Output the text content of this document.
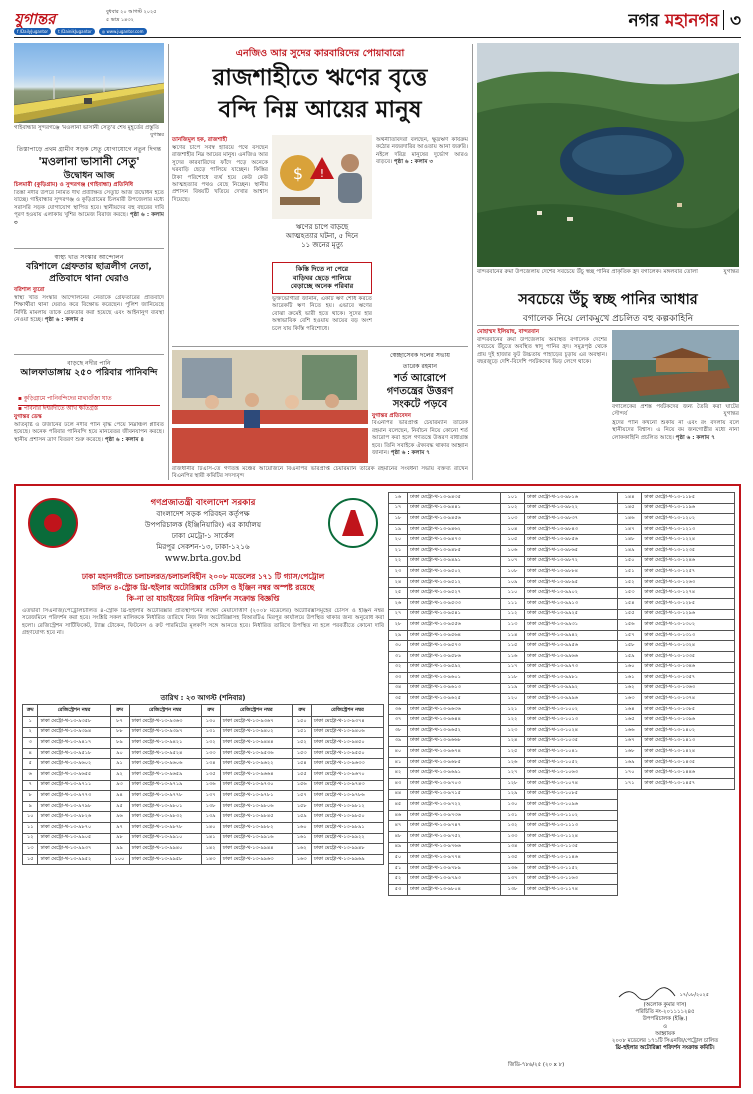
যুগান্তর	বুধবার ২০ আগস্ট ২০২৫
৫ ভাদ্র ১৪৩২
f /DailyJugantor	t /DainikJugantor	◎ www.jugantor.com
নগর মহানগর ৩
গাইবান্ধার সুন্দরগঞ্জে 'মওলানা ভাসানী সেতু'র শেষ মুহূর্তের প্রস্তুতি
যুগান্তর
তিস্তাপাড়ে প্রথম গ্রামীণ সড়ক সেতু যোগাযোগে নতুন দিগন্ত
'মওলানা ভাসানী সেতু'
উদ্বোধন আজ
চিলমারী (কুড়িগ্রাম) ও সুন্দরগঞ্জ (গাইবান্ধা) প্রতিনিধি
তিস্তা নদীর উপরে নির্মিত দীর্ঘ প্রতীক্ষিত সেতুটি আজ উদ্বোধন হতে যাচ্ছে। গাইবান্ধার সুন্দরগঞ্জ ও কুড়িগ্রামের চিলমারী উপজেলার মধ্যে সরাসরি সড়ক যোগাযোগ স্থাপিত হবে। স্থানীয়দের বহু বছরের দাবি পূরণ হওয়ায় এলাকায় খুশির আমেজ বিরাজ করছে। পৃষ্ঠা ৬ : কলাম ৩
স্বাস্থ্য খাত সংস্কার আন্দোলন
বরিশালে গ্রেফতার ছাত্রলীগ নেতা, প্রতিবাদে থানা ঘেরাও
বরিশাল ব্যুরো
স্বাস্থ্য খাত সংস্কার আন্দোলনের নেতাকে গ্রেফতারের প্রতিবাদে শিক্ষার্থীরা থানা ঘেরাও করে বিক্ষোভ করেছেন। পুলিশ জানিয়েছে নির্দিষ্ট মামলায় তাকে গ্রেফতার করা হয়েছে এবং আইনানুগ ব্যবস্থা নেওয়া হচ্ছে। পৃষ্ঠা ৬ : কলাম ৫
বাড়ছে নদীর পানি
আলফাডাঙ্গায় ২৫০ পরিবার পানিবন্দি
▪ কুড়িগ্রামে পানিবন্দিদের মাথাগুঁজা ঘাত
▪ পাবনার ঈশ্বরদীতে আখ ক্ষতিগ্রস্ত
যুগান্তর ডেস্ক
অতিবৃষ্টি ও উজানের ঢলে নদীর পানি বৃদ্ধি পেয়ে নিম্নাঞ্চল প্লাবিত হয়েছে। অনেক পরিবার পানিবন্দি হয়ে মানবেতর জীবনযাপন করছে। স্থানীয় প্রশাসন ত্রাণ বিতরণ শুরু করেছে। পৃষ্ঠা ৬ : কলাম ৪
এনজিও আর সুদের কারবারিদের পোয়াবারো
রাজশাহীতে ঋণের বৃত্তে
বন্দি নিম্ন আয়ের মানুষ
তানজিমুল হক, রাজশাহী
ঋণের চাপে সর্বস্ব হারিয়ে পথে বসছেন রাজশাহীর নিম্ন আয়ের মানুষ। এনজিও আর সুদের কারবারিদের ফাঁদে পড়ে অনেকে ঘরবাড়ি ছেড়ে পালিয়ে যাচ্ছেন। কিস্তির টাকা পরিশোধে ব্যর্থ হয়ে কেউ কেউ আত্মহত্যার পথও বেছে নিচ্ছেন। স্থানীয় প্রশাসন বিষয়টি খতিয়ে দেখার আশ্বাস দিয়েছে।
$ !
ঋণের চাপে বাড়ছে
আত্মহত্যার ঘটনা, ৫ দিনে
১১ জনের মৃত্যু
কিস্তি দিতে না পেরে
বাড়িঘর ছেড়ে পালিয়ে
বেড়াচ্ছে অনেক পরিবার
ভুক্তভোগীরা জানান, একটি ঋণ শোধ করতে আরেকটি ঋণ নিতে হয়। এভাবে ঋণের বোঝা ক্রমেই ভারী হতে থাকে। সুদের হার অস্বাভাবিক বেশি হওয়ায় আয়ের বড় অংশ চলে যায় কিস্তি পরিশোধে।
অর্থনীতিবিদরা বলছেন, ক্ষুদ্রঋণ কার্যক্রম কঠোর নজরদারির আওতায় আনা জরুরি। নইলে দরিদ্র মানুষের দুর্ভোগ আরও বাড়বে। পৃষ্ঠা ৬ : কলাম ৩
রাজধানীর টিএসি-তে গণতন্ত্র মঞ্চের আয়োজনে বিএনপির ভারপ্রাপ্ত চেয়ারম্যান তারেক রহমানের সংবর্ধনা সভায় বক্তব্য রাখেন বিএনপির স্থায়ী কমিটির সদস্যবৃন্দ
স্বেচ্ছাসেবক দলের সভায়
তারেক রহমান
শর্ত আরোপে
গণতন্ত্রের উত্তরণ
সংকটে পড়বে
যুগান্তর প্রতিবেদন
বিএনপির ভারপ্রাপ্ত চেয়ারম্যান তারেক রহমান বলেছেন, নির্বাচন নিয়ে কোনো শর্ত আরোপ করা হলে গণতন্ত্রে উত্তরণ বাধাগ্রস্ত হবে। তিনি সবাইকে ঐক্যবদ্ধ থাকার আহ্বান জানান। পৃষ্ঠা ৬ : কলাম ৭
বান্দরবানের রুমা উপজেলায় দেশের সবচেয়ে উঁচু স্বচ্ছ পানির প্রাকৃতিক হ্রদ বগালেক। মঙ্গলবার তোলা	যুগান্তর
সবচেয়ে উঁচু স্বচ্ছ পানির আধার
বগালেক নিয়ে লোকমুখে প্রচলিত বহু কল্পকাহিনি
মোহাম্মদ ইলিয়াছ, বান্দরবান
বান্দরবানের রুমা উপজেলায় অবস্থিত বগালেক দেশের সবচেয়ে উঁচুতে অবস্থিত স্বাদু পানির হ্রদ। সমুদ্রপৃষ্ঠ থেকে প্রায় দুই হাজার ফুট উচ্চতায় পাহাড়ের চূড়ায় এর অবস্থান। বছরজুড়ে দেশি-বিদেশি পর্যটকদের ভিড় লেগে থাকে।
বগালেকের প্রশস্ত পর্যটকদের জন্য তৈরি করা ঘাটের সৌন্দর্য	যুগান্তর
হ্রদের পানি কখনো শুকায় না এবং রং বদলায় বলে স্থানীয়দের বিশ্বাস। এ নিয়ে বম জনগোষ্ঠীর মধ্যে নানা লোককাহিনি প্রচলিত আছে। পৃষ্ঠা ৬ : কলাম ৭
গণপ্রজাতন্ত্রী বাংলাদেশ সরকার
বাংলাদেশ সড়ক পরিবহন কর্তৃপক্ষ
উপপরিচালক (ইঞ্জিনিয়ারিং) এর কার্যালয়
ঢাকা মেট্রো-১ সার্কেল
মিরপুর সেকশন-১৩, ঢাকা-১২১৬
www.brta.gov.bd
ঢাকা মহানগরীতে চলাচলরত/চলাচলবিহীন ২০০৮ মডেলের ১৭১ টি গ্যাস/পেট্রোল
চালিত ৪-স্ট্রোক থ্রি-হুইলার অটোরিক্সার চেসিস ও ইঞ্জিন নম্বর অস্পষ্ট রয়েছে
কি-না তা যাচাইয়ের নিমিত্ত পরিদর্শন সংক্রান্ত বিজ্ঞপ্তি
এতদ্বারা সিএনজি/পেট্রোলচালিত ৪-স্ট্রোক থ্রি-হুইলার অটোরিক্সার প্রতিস্থাপনের লক্ষ্যে মেয়াদোত্তীর্ণ (২০০৮ মডেলের) অটোরিক্সাসমূহের চেসিস ও ইঞ্জিন নম্বর সরেজমিনে পরিদর্শন করা হবে। সংশ্লিষ্ট সকল মালিককে নির্ধারিত তারিখে নিজ নিজ অটোরিক্সাসহ বিআরটিএ মিরপুর কার্যালয়ে উপস্থিত থাকার জন্য অনুরোধ করা হলো। রেজিস্ট্রেশন সার্টিফিকেট, ট্যাক্স টোকেন, ফিটনেস ও রুট পারমিটের মূলকপি সঙ্গে আনতে হবে। নির্ধারিত তারিখে উপস্থিত না হলে পরবর্তীতে কোনো দাবি গ্রহণযোগ্য হবে না।
তারিখ : ২৩ আগস্ট (শনিবার)
ক্রম	রেজিস্ট্রেশন নম্বর	ক্রম	রেজিস্ট্রেশন নম্বর	ক্রম	রেজিস্ট্রেশন নম্বর	ক্রম	রেজিস্ট্রেশন নম্বর
১	ঢাকা মেট্রো-থ-১৩-৯৩৫৮	৮৭	ঢাকা মেট্রো-থ-১৩-৯৩৬৩	১৩০	ঢাকা মেট্রো-থ-১৩-৯৩৬৭	১৫০	ঢাকা মেট্রো-থ-১৩-৯৩৭৪
২	ঢাকা মেট্রো-থ-১৩-৯৩৯৪	৮৮	ঢাকা মেট্রো-থ-১৩-৯৩৯৭	১৩১	ঢাকা মেট্রো-থ-১৩-৯৪০২	১৫১	ঢাকা মেট্রো-থ-১৩-৯৪০৬
৩	ঢাকা মেট্রো-থ-১৩-৯৪১৭	৮৯	ঢাকা মেট্রো-থ-১৩-৯৪২১	১৩২	ঢাকা মেট্রো-থ-১৩-৯৪৪৪	১৫২	ঢাকা মেট্রো-থ-১৩-৯৪৫০
৪	ঢাকা মেট্রো-থ-১৩-৯৫১৮	৯০	ঢাকা মেট্রো-থ-১৩-৯৫২৪	১৩৩	ঢাকা মেট্রো-থ-১৩-৯৫৩৬	১৫৩	ঢাকা মেট্রো-থ-১৩-৯৫৫০
৫	ঢাকা মেট্রো-থ-১৩-৯৬০২	৯১	ঢাকা মেট্রো-থ-১৩-৯৬০৬	১৩৪	ঢাকা মেট্রো-থ-১৩-৯৬২২	১৫৪	ঢাকা মেট্রো-থ-১৩-৯৬৩৩
৬	ঢাকা মেট্রো-থ-১৩-৯৬৫৫	৯২	ঢাকা মেট্রো-থ-১৩-৯৬৫৯	১৩৫	ঢাকা মেট্রো-থ-১৩-৯৬৬৪	১৫৫	ঢাকা মেট্রো-থ-১৩-৯৬৭০
৭	ঢাকা মেট্রো-থ-১৩-৯৭১১	৯৩	ঢাকা মেট্রো-থ-১৩-৯৭১৯	১৩৬	ঢাকা মেট্রো-থ-১৩-৯৭৩০	১৫৬	ঢাকা মেট্রো-থ-১৩-৯৭৪৩
৮	ঢাকা মেট্রো-থ-১৩-৯৭৭৩	৯৪	ঢাকা মেট্রো-থ-১৩-৯৭৭৮	১৩৭	ঢাকা মেট্রো-থ-১৩-৯৭৮১	১৫৭	ঢাকা মেট্রো-থ-১৩-৯৭৮৬
৯	ঢাকা মেট্রো-থ-১৩-৯৭৯৮	৯৫	ঢাকা মেট্রো-থ-১৩-৯৮০১	১৩৮	ঢাকা মেট্রো-থ-১৩-৯৮০৬	১৫৮	ঢাকা মেট্রো-থ-১৩-৯৮১২
১০	ঢাকা মেট্রো-থ-১৩-৯৮২৬	৯৬	ঢাকা মেট্রো-থ-১৩-৯৮৩২	১৩৯	ঢাকা মেট্রো-থ-১৩-৯৮৪৫	১৫৯	ঢাকা মেট্রো-থ-১৩-৯৮৫০
১১	ঢাকা মেট্রো-থ-১৩-৯৮৭০	৯৭	ঢাকা মেট্রো-থ-১৩-৯৮৭৮	১৪০	ঢাকা মেট্রো-থ-১৩-৯৮৮২	১৬০	ঢাকা মেট্রো-থ-১৩-৯৮৯১
১২	ঢাকা মেট্রো-থ-১৩-৯৯০৫	৯৮	ঢাকা মেট্রো-থ-১৩-৯৯১০	১৪১	ঢাকা মেট্রো-থ-১৩-৯৯১৬	১৬১	ঢাকা মেট্রো-থ-১৩-৯৯২২
১৩	ঢাকা মেট্রো-থ-১৩-৯৯৩৭	৯৯	ঢাকা মেট্রো-থ-১৩-৯৯৪০	১৪২	ঢাকা মেট্রো-থ-১৩-৯৯৪৪	১৬২	ঢাকা মেট্রো-থ-১৩-৯৯৪৮
১৫	ঢাকা মেট্রো-থ-১৩-৯৯৫২	১০০	ঢাকা মেট্রো-থ-১৩-৯৯৫৮	১৪৩	ঢাকা মেট্রো-থ-১৩-৯৯৬৩	১৬৩	ঢাকা মেট্রো-থ-১৩-৯৯৬৯
১৬	ঢাকা মেট্রো-থ-১৩-৯৪৩৫	১০১	ঢাকা মেট্রো-থ-১৩-৯৮১৬	১৪৪	ঢাকা মেট্রো-থ-১৩-১১৮৫
১৭	ঢাকা মেট্রো-থ-১৩-৯৪৪১	১০২	ঢাকা মেট্রো-থ-১৩-৯৮২২	১৪৫	ঢাকা মেট্রো-থ-১৩-১১৯৬
১৮	ঢাকা মেট্রো-থ-১৩-৯৪৫৬	১০৩	ঢাকা মেট্রো-থ-১৩-৯৮৩৭	১৪৬	ঢাকা মেট্রো-থ-১৩-১২০২
১৯	ঢাকা মেট্রো-থ-১৩-৯৪৬২	১০৪	ঢাকা মেট্রো-থ-১৩-৯৮৪৩	১৪৭	ঢাকা মেট্রো-থ-১৩-১২১৩
২০	ঢাকা মেট্রো-থ-১৩-৯৪৭৩	১০৫	ঢাকা মেট্রো-থ-১৩-৯৮৫৬	১৪৮	ঢাকা মেট্রো-থ-১৩-১২২৪
২১	ঢাকা মেট্রো-থ-১৩-৯৪৮৫	১০৬	ঢাকা মেট্রো-থ-১৩-৯৮৬৫	১৪৯	ঢাকা মেট্রো-থ-১৩-১২৩৫
২২	ঢাকা মেট্রো-থ-১৩-৯৪৯১	১০৭	ঢাকা মেট্রো-থ-১৩-৯৮৭২	১৫০	ঢাকা মেট্রো-থ-১৩-১২৪৬
২৩	ঢাকা মেট্রো-থ-১৩-৯৫০২	১০৮	ঢাকা মেট্রো-থ-১৩-৯৮৮৪	১৫১	ঢাকা মেট্রো-থ-১৩-১২৫৭
২৪	ঢাকা মেট্রো-থ-১৩-৯৫১২	১০৯	ঢাকা মেট্রো-থ-১৩-৯৮৯৫	১৫২	ঢাকা মেট্রো-থ-১৩-১২৬৩
২৫	ঢাকা মেট্রো-থ-১৩-৯৫২৭	১১০	ঢাকা মেট্রো-থ-১৩-৯৯০২	১৫৩	ঢাকা মেট্রো-থ-১৩-১২৭৪
২৬	ঢাকা মেট্রো-থ-১৩-৯৫৩৩	১১১	ঢাকা মেট্রো-থ-১৩-৯৯১৩	১৫৪	ঢাকা মেট্রো-থ-১৩-১২৮৫
২৭	ঢাকা মেট্রো-থ-১৩-৯৫৪১	১১২	ঢাকা মেট্রো-থ-১৩-৯৯২৫	১৫৫	ঢাকা মেট্রো-থ-১৩-১২৯৬
২৮	ঢাকা মেট্রো-থ-১৩-৯৫৫৬	১১৩	ঢাকা মেট্রো-থ-১৩-৯৯৩১	১৫৬	ঢাকা মেট্রো-থ-১৩-১৩০২
২৯	ঢাকা মেট্রো-থ-১৩-৯৫৬৪	১১৪	ঢাকা মেট্রো-থ-১৩-৯৯৪২	১৫৭	ঢাকা মেট্রো-থ-১৩-১৩১৩
৩০	ঢাকা মেট্রো-থ-১৩-৯৫৭৩	১১৫	ঢাকা মেট্রো-থ-১৩-৯৯৫৬	১৫৮	ঢাকা মেট্রো-থ-১৩-১৩২৪
৩১	ঢাকা মেট্রো-থ-১৩-৯৫৮৬	১১৬	ঢাকা মেট্রো-থ-১৩-৯৯৬৬	১৫৯	ঢাকা মেট্রো-থ-১৩-১৩৩৫
৩২	ঢাকা মেট্রো-থ-১৩-৯৫৯২	১১৭	ঢাকা মেট্রো-থ-১৩-৯৯৭৩	১৬০	ঢাকা মেট্রো-থ-১৩-১৩৪৬
৩৩	ঢাকা মেট্রো-থ-১৩-৯৬০১	১১৮	ঢাকা মেট্রো-থ-১৩-৯৯৮১	১৬১	ঢাকা মেট্রো-থ-১৩-১৩৫৭
৩৪	ঢাকা মেট্রো-থ-১৩-৯৬১৩	১১৯	ঢাকা মেট্রো-থ-১৩-৯৯৯২	১৬২	ঢাকা মেট্রো-থ-১৩-১৩৬৩
৩৫	ঢাকা মেট্রো-থ-১৩-৯৬২৫	১২০	ঢাকা মেট্রো-থ-১৩-৯৯৯৬	১৬৩	ঢাকা মেট্রো-থ-১৩-১৩৭৪
৩৬	ঢাকা মেট্রো-থ-১৩-৯৬৩৬	১২১	ঢাকা মেট্রো-থ-১৩-১০০২	১৬৪	ঢাকা মেট্রো-থ-১৩-১৩৮৫
৩৭	ঢাকা মেট্রো-থ-১৩-৯৬৪৪	১২২	ঢাকা মেট্রো-থ-১৩-১০১৩	১৬৫	ঢাকা মেট্রো-থ-১৩-১৩৯৬
৩৮	ঢাকা মেট্রো-থ-১৩-৯৬৫২	১২৩	ঢাকা মেট্রো-থ-১৩-১০২৪	১৬৬	ঢাকা মেট্রো-থ-১৩-১৪০২
৩৯	ঢাকা মেট্রো-থ-১৩-৯৬৬৮	১২৪	ঢাকা মেট্রো-থ-১৩-১০৩৫	১৬৭	ঢাকা মেট্রো-থ-১৩-১৪১৩
৪০	ঢাকা মেট্রো-থ-১৩-৯৬৭৪	১২৫	ঢাকা মেট্রো-থ-১৩-১০৪১	১৬৮	ঢাকা মেট্রো-থ-১৩-১৪২৪
৪১	ঢাকা মেট্রো-থ-১৩-৯৬৮৫	১২৬	ঢাকা মেট্রো-থ-১৩-১০৫২	১৬৯	ঢাকা মেট্রো-থ-১৩-১৪৩৫
৪২	ঢাকা মেট্রো-থ-১৩-৯৬৯১	১২৭	ঢাকা মেট্রো-থ-১৩-১০৬৩	১৭০	ঢাকা মেট্রো-থ-১৩-১৪৪৬
৪৩	ঢাকা মেট্রো-থ-১৩-৯৭০৩	১২৮	ঢাকা মেট্রো-থ-১৩-১০৭৪	১৭১	ঢাকা মেট্রো-থ-১৩-১৪৫৭
৪৪	ঢাকা মেট্রো-থ-১৩-৯৭১৫	১২৯	ঢাকা মেট্রো-থ-১৩-১০৮৫		
৪৫	ঢাকা মেট্রো-থ-১৩-৯৭২২	১৩০	ঢাকা মেট্রো-থ-১৩-১০৯৬		
৪৬	ঢাকা মেট্রো-থ-১৩-৯৭৩৬	১৩১	ঢাকা মেট্রো-থ-১৩-১১০২		
৪৭	ঢাকা মেট্রো-থ-১৩-৯৭৪৭	১৩২	ঢাকা মেট্রো-থ-১৩-১১১৩		
৪৮	ঢাকা মেট্রো-থ-১৩-৯৭৫২	১৩৩	ঢাকা মেট্রো-থ-১৩-১১২৪		
৪৯	ঢাকা মেট্রো-থ-১৩-৯৭৬৬	১৩৪	ঢাকা মেট্রো-থ-১৩-১১৩৫		
৫০	ঢাকা মেট্রো-থ-১৩-৯৭৭৪	১৩৫	ঢাকা মেট্রো-থ-১৩-১১৪৬		
৫১	ঢাকা মেট্রো-থ-১৩-৯৭৮৯	১৩৬	ঢাকা মেট্রো-থ-১৩-১১৫২		
৫২	ঢাকা মেট্রো-থ-১৩-৯৭৯৩	১৩৭	ঢাকা মেট্রো-থ-১৩-১১৬৩		
৫৩	ঢাকা মেট্রো-থ-১৩-৯৮০৪	১৩৮	ঢাকা মেট্রো-থ-১৩-১১৭৪		
১৭/০৮/২০২৫
(অলোক কুমার দাস)
পরিচিতি নং-২০১১১১২৪৫
উপপরিচালক (ইঞ্জি.)
ও
আহ্বায়ক
২০০৮ মডেলের ১৭১টি সিএনজি/পেট্রোল চালিত
থ্রি-হুইলার অটোরিক্সা পরিদর্শন সংক্রান্ত কমিটি।
জিডি-৭৮৬/২৫ (২০ x ৮)
